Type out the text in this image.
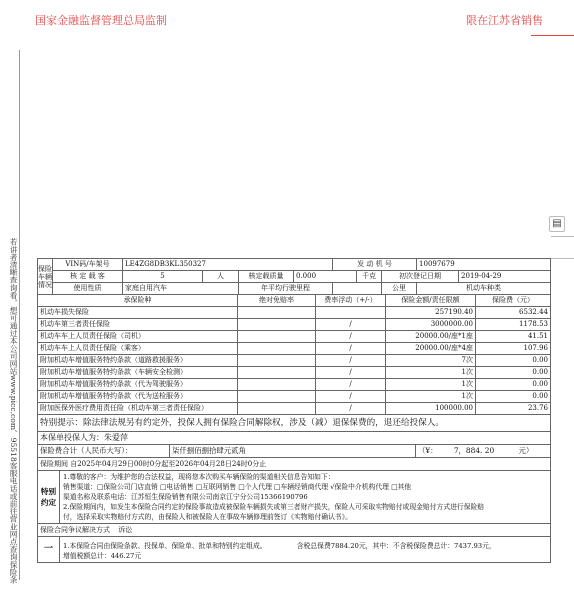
国家金融监督管理总局监制	限在江苏省销售
若讲者清晰查询看，想可通过本公司网站www.picc.com、95518客服电话或前往营业网点查询保险条
▤
保险车辆情况	VIN码/车架号	LE4ZG8DB3KL350327				发 动 机 号			10097679		
	核 定 载 客	5	人	核定载质量	0.000		千克	初次登记日期		2019-04-29	
	使用性质	家庭自用汽车		年平均行驶里程				公里	机动车种类	
承保险种	绝对免赔率	费率浮动（+/-）	保险金额/责任限额	保险费（元）
机动车损失保险			257190.40	6532.44
机动车第三者责任保险		/	3000000.00	1178.53
机动车车上人员责任保险（司机）		/	20000.00/座*1座	41.51
机动车车上人员责任保险（乘客）		/	20000.00/座*4座	107.96
附加机动车增值服务特约条款（道路救援服务）		/	7次	0.00
附加机动车增值服务特约条款（车辆安全检测）		/	1次	0.00
附加机动车增值服务特约条款（代为驾驶服务）		/	1次	0.00
附加机动车增值服务特约条款（代为送检服务）		/	1次	0.00
附加医保外医疗费用责任险（机动车第三者责任保险）		/	100000.00	23.76
特别提示：除法律法规另有约定外，投保人拥有保险合同解除权，涉及（减）退保保费的，退还给投保人。			
本保单投保人为：朱爱萍			
保险费合计（人民币大写）：		柒仟捌佰捌拾肆元贰角	（¥： 7，884. 20 元）
保险期间 自2025年04月29日00时0分起至2026年04月28日24时0分止			
特别约定	1.尊敬的客户：为维护您的合法权益，现将您本次购买车辆保险的渠道相关信息告知如下：
销售渠道：□保险公司门店直销 □电话销售 □互联网销售 □个人代理 □车辆经销商代理 √保险中介机构代理 □其他
渠道名称及联系电话：江苏恒生保险销售有限公司南京江宁分公司15366190796
2.保险期间内，如发生本保险合同约定的保险事故造成被保险车辆损失或第三者财产损失，保险人可采取实物赔付或现金赔付方式进行保险赔
付，选择采取实物赔付方式的，由保险人和被保险人在事故车辆修理前签订《实物赔付确认书》。		

保险合同争议解决方式 诉讼			
一	1.本保险合同由保险条款、投保单、保险单、批单和特别约定组成。 含税总保费7884.20元，其中：不含税保险费总计：7437.93元，
增值税额总计：446.27元		
